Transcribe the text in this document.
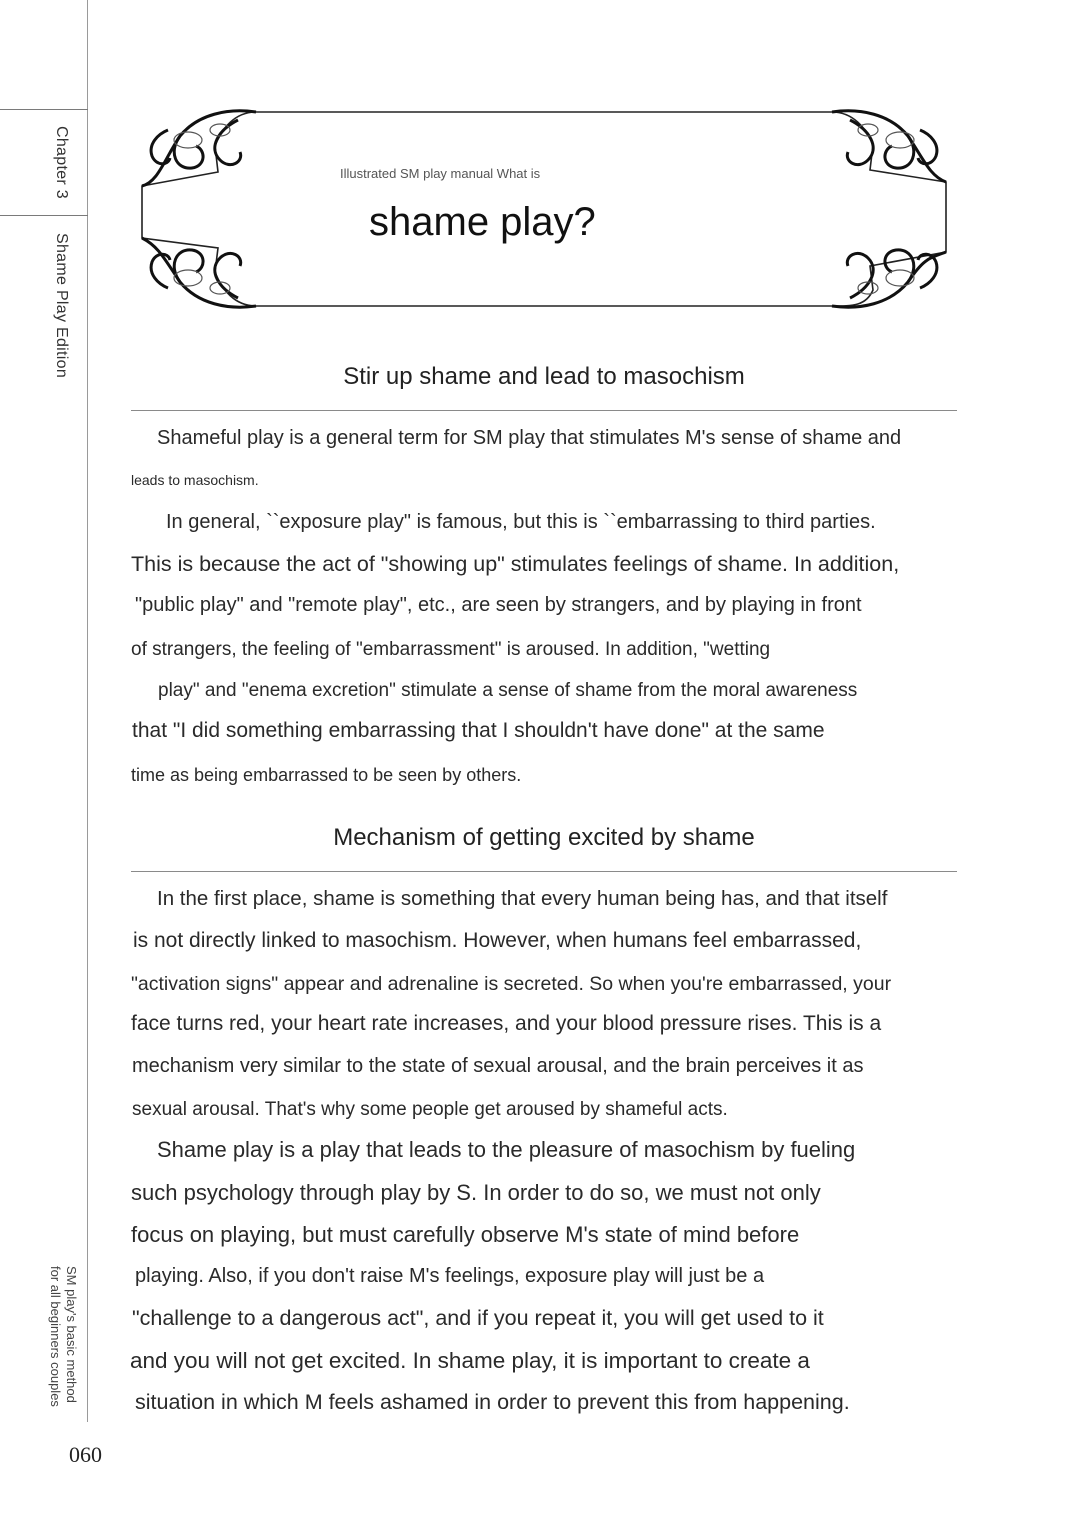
Chapter 3
Shame Play Edition
SM play's basic method
for all beginners couples
060
Illustrated SM play manual What is
shame play?
Stir up shame and lead to masochism
Shameful play is a general term for SM play that stimulates M's sense of shame and
leads to masochism.
In general, ``exposure play" is famous, but this is ``embarrassing to third parties.
This is because the act of "showing up" stimulates feelings of shame. In addition,
"public play" and "remote play", etc., are seen by strangers, and by playing in front
of strangers, the feeling of "embarrassment" is aroused. In addition, "wetting
play" and "enema excretion" stimulate a sense of shame from the moral awareness
that "I did something embarrassing that I shouldn't have done" at the same
time as being embarrassed to be seen by others.
Mechanism of getting excited by shame
In the first place, shame is something that every human being has, and that itself
is not directly linked to masochism. However, when humans feel embarrassed,
"activation signs" appear and adrenaline is secreted. So when you're embarrassed, your
face turns red, your heart rate increases, and your blood pressure rises. This is a
mechanism very similar to the state of sexual arousal, and the brain perceives it as
sexual arousal. That's why some people get aroused by shameful acts.
Shame play is a play that leads to the pleasure of masochism by fueling
such psychology through play by S. In order to do so, we must not only
focus on playing, but must carefully observe M's state of mind before
playing. Also, if you don't raise M's feelings, exposure play will just be a
"challenge to a dangerous act", and if you repeat it, you will get used to it
and you will not get excited. In shame play, it is important to create a
situation in which M feels ashamed in order to prevent this from happening.
